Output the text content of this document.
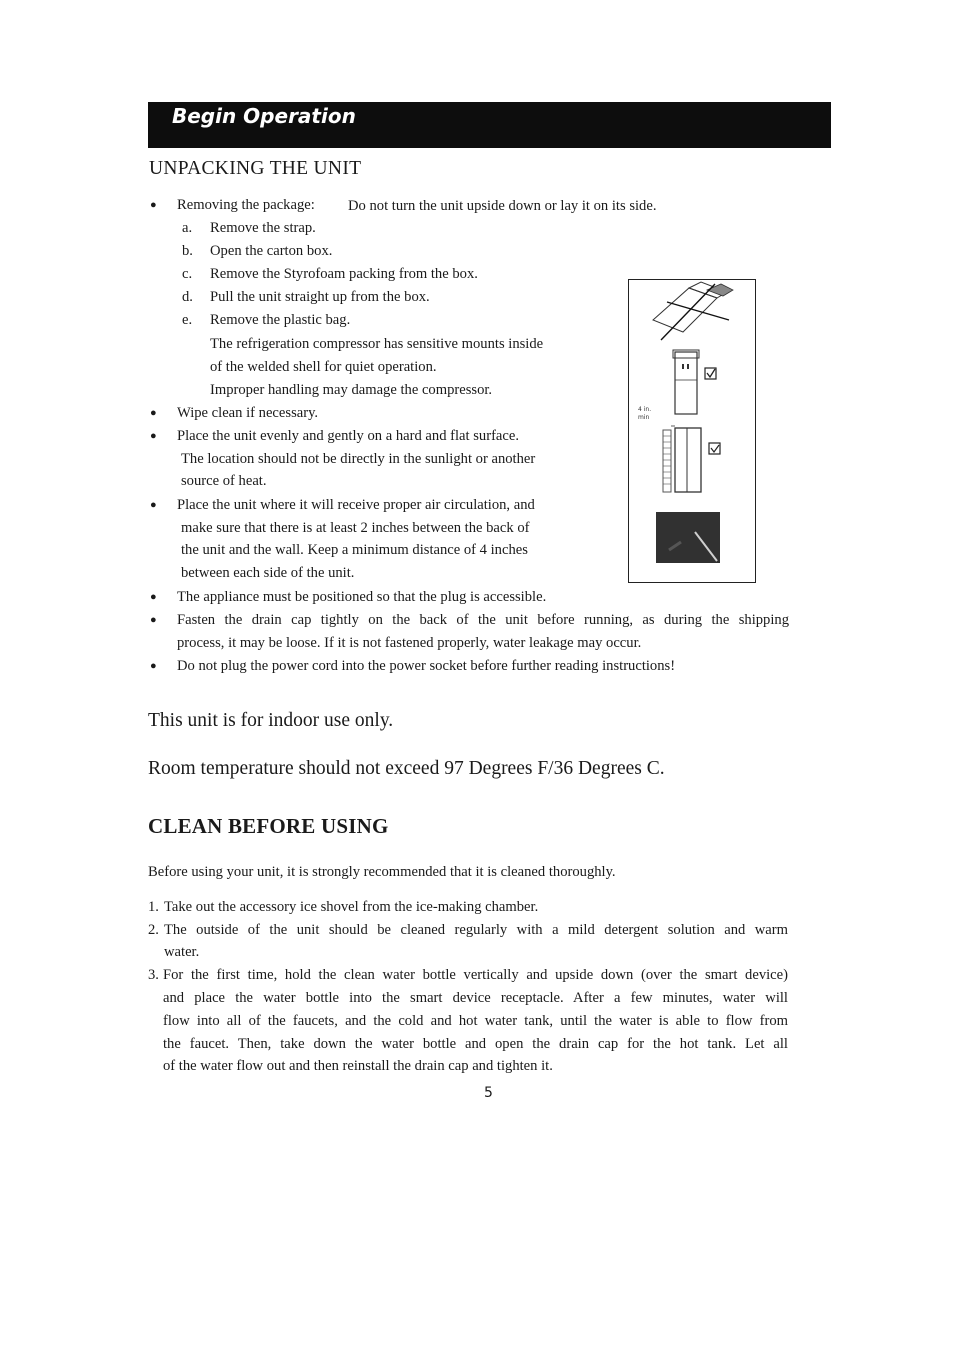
Begin Operation
UNPACKING THE UNIT
● Removing the package: Do not turn the unit upside down or lay it on its side.
a. Remove the strap.
b. Open the carton box.
c. Remove the Styrofoam packing from the box.
d. Pull the unit straight up from the box.
e. Remove the plastic bag.
The refrigeration compressor has sensitive mounts inside
of the welded shell for quiet operation.
Improper handling may damage the compressor.
● Wipe clean if necessary.
● Place the unit evenly and gently on a hard and flat surface.
The location should not be directly in the sunlight or another
source of heat.
● Place the unit where it will receive proper air circulation, and
make sure that there is at least 2 inches between the back of
the unit and the wall. Keep a minimum distance of 4 inches
between each side of the unit.
● The appliance must be positioned so that the plug is accessible.
● Fasten the drain cap tightly on the back of the unit before running, as during the shipping
process, it may be loose. If it is not fastened properly, water leakage may occur.
● Do not plug the power cord into the power socket before further reading instructions!
4 in.
min
This unit is for indoor use only.
Room temperature should not exceed 97 Degrees F/36 Degrees C.
CLEAN BEFORE USING
Before using your unit, it is strongly recommended that it is cleaned thoroughly.
1. Take out the accessory ice shovel from the ice-making chamber.
2. The outside of the unit should be cleaned regularly with a mild detergent solution and warm
water.
3. For the first time, hold the clean water bottle vertically and upside down (over the smart device)
and place the water bottle into the smart device receptacle. After a few minutes, water will
flow into all of the faucets, and the cold and hot water tank, until the water is able to flow from
the faucet. Then, take down the water bottle and open the drain cap for the hot tank. Let all
of the water flow out and then reinstall the drain cap and tighten it.
5
